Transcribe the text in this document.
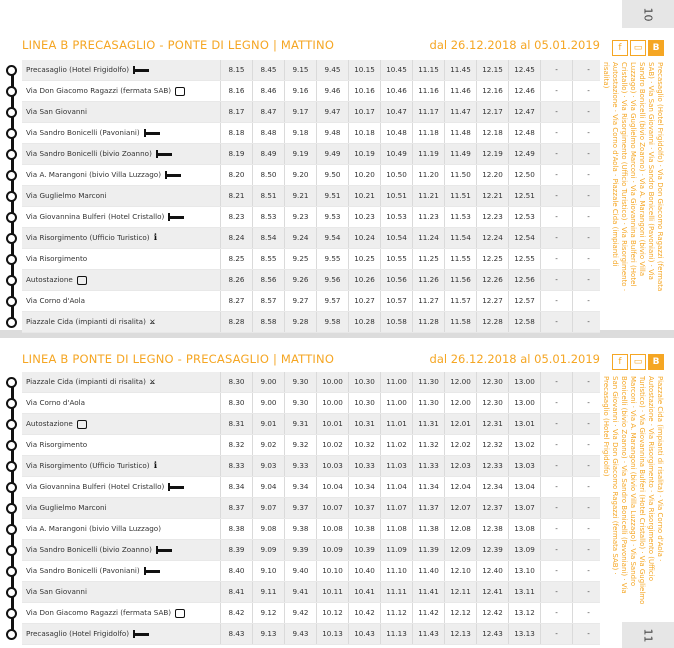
10
LINEA B PRECASAGLIO - PONTE DI LEGNO | MATTINO	dal 26.12.2018 al 05.01.2019	f	▭	B
Precasaglio (Hotel Frigidolfo) · Via Don Giacomo Ragazzi (fermata SAB) · Via San Giovanni · Via Sandro Bonicelli (Pavoniani) · Via Sandro Bonicelli (bivio Zoanno) · Via A. Marangoni (bivio Villa Luzzago) · Via Guglielmo Marconi · Via Giovannina Bulferi (Hotel Cristallo) · Via Risorgimento (Ufficio Turistico) · Via Risorgimento · Autostazione · Via Corno d'Aola · Piazzale Cida (impianti di risalita)
Precasaglio (Hotel Frigidolfo)	8.15	8.45	9.15	9.45	10.15	10.45	11.15	11.45	12.15	12.45	-	-
Via Don Giacomo Ragazzi (fermata SAB)	8.16	8.46	9.16	9.46	10.16	10.46	11.16	11.46	12.16	12.46	-	-
Via San Giovanni	8.17	8.47	9.17	9.47	10.17	10.47	11.17	11.47	12.17	12.47	-	-
Via Sandro Bonicelli (Pavoniani)	8.18	8.48	9.18	9.48	10.18	10.48	11.18	11.48	12.18	12.48	-	-
Via Sandro Bonicelli (bivio Zoanno)	8.19	8.49	9.19	9.49	10.19	10.49	11.19	11.49	12.19	12.49	-	-
Via A. Marangoni (bivio Villa Luzzago)	8.20	8.50	9.20	9.50	10.20	10.50	11.20	11.50	12.20	12.50	-	-
Via Guglielmo Marconi	8.21	8.51	9.21	9.51	10.21	10.51	11.21	11.51	12.21	12.51	-	-
Via Giovannina Bulferi (Hotel Cristallo)	8.23	8.53	9.23	9.53	10.23	10.53	11.23	11.53	12.23	12.53	-	-
Via Risorgimento (Ufficio Turistico) ℹ	8.24	8.54	9.24	9.54	10.24	10.54	11.24	11.54	12.24	12.54	-	-
Via Risorgimento	8.25	8.55	9.25	9.55	10.25	10.55	11.25	11.55	12.25	12.55	-	-
Autostazione	8.26	8.56	9.26	9.56	10.26	10.56	11.26	11.56	12.26	12.56	-	-
Via Corno d'Aola	8.27	8.57	9.27	9.57	10.27	10.57	11.27	11.57	12.27	12.57	-	-
Piazzale Cida (impianti di risalita) ⨲	8.28	8.58	9.28	9.58	10.28	10.58	11.28	11.58	12.28	12.58	-	-
11
LINEA B PONTE DI LEGNO - PRECASAGLIO | MATTINO	dal 26.12.2018 al 05.01.2019	f	▭	B
Piazzale Cida (impianti di risalita) · Via Corno d'Aola · Autostazione · Via Risorgimento · Via Risorgimento (Ufficio Turistico) · Via Giovannina Bulferi (Hotel Cristallo) · Via Guglielmo Marconi · Via A. Marangoni (bivio Villa Luzzago) · Via Sandro Bonicelli (bivio Zoanno) · Via Sandro Bonicelli (Pavoniani) · Via San Giovanni · Via Don Giacomo Ragazzi (fermata SAB) · Precasaglio (Hotel Frigidolfo)
Piazzale Cida (impianti di risalita) ⨲	8.30	9.00	9.30	10.00	10.30	11.00	11.30	12.00	12.30	13.00	-	-
Via Corno d'Aola	8.30	9.00	9.30	10.00	10.30	11.00	11.30	12.00	12.30	13.00	-	-
Autostazione	8.31	9.01	9.31	10.01	10.31	11.01	11.31	12.01	12.31	13.01	-	-
Via Risorgimento	8.32	9.02	9.32	10.02	10.32	11.02	11.32	12.02	12.32	13.02	-	-
Via Risorgimento (Ufficio Turistico) ℹ	8.33	9.03	9.33	10.03	10.33	11.03	11.33	12.03	12.33	13.03	-	-
Via Giovannina Bulferi (Hotel Cristallo)	8.34	9.04	9.34	10.04	10.34	11.04	11.34	12.04	12.34	13.04	-	-
Via Guglielmo Marconi	8.37	9.07	9.37	10.07	10.37	11.07	11.37	12.07	12.37	13.07	-	-
Via A. Marangoni (bivio Villa Luzzago)	8.38	9.08	9.38	10.08	10.38	11.08	11.38	12.08	12.38	13.08	-	-
Via Sandro Bonicelli (bivio Zoanno)	8.39	9.09	9.39	10.09	10.39	11.09	11.39	12.09	12.39	13.09	-	-
Via Sandro Bonicelli (Pavoniani)	8.40	9.10	9.40	10.10	10.40	11.10	11.40	12.10	12.40	13.10	-	-
Via San Giovanni	8.41	9.11	9.41	10.11	10.41	11.11	11.41	12.11	12.41	13.11	-	-
Via Don Giacomo Ragazzi (fermata SAB)	8.42	9.12	9.42	10.12	10.42	11.12	11.42	12.12	12.42	13.12	-	-
Precasaglio (Hotel Frigidolfo)	8.43	9.13	9.43	10.13	10.43	11.13	11.43	12.13	12.43	13.13	-	-
